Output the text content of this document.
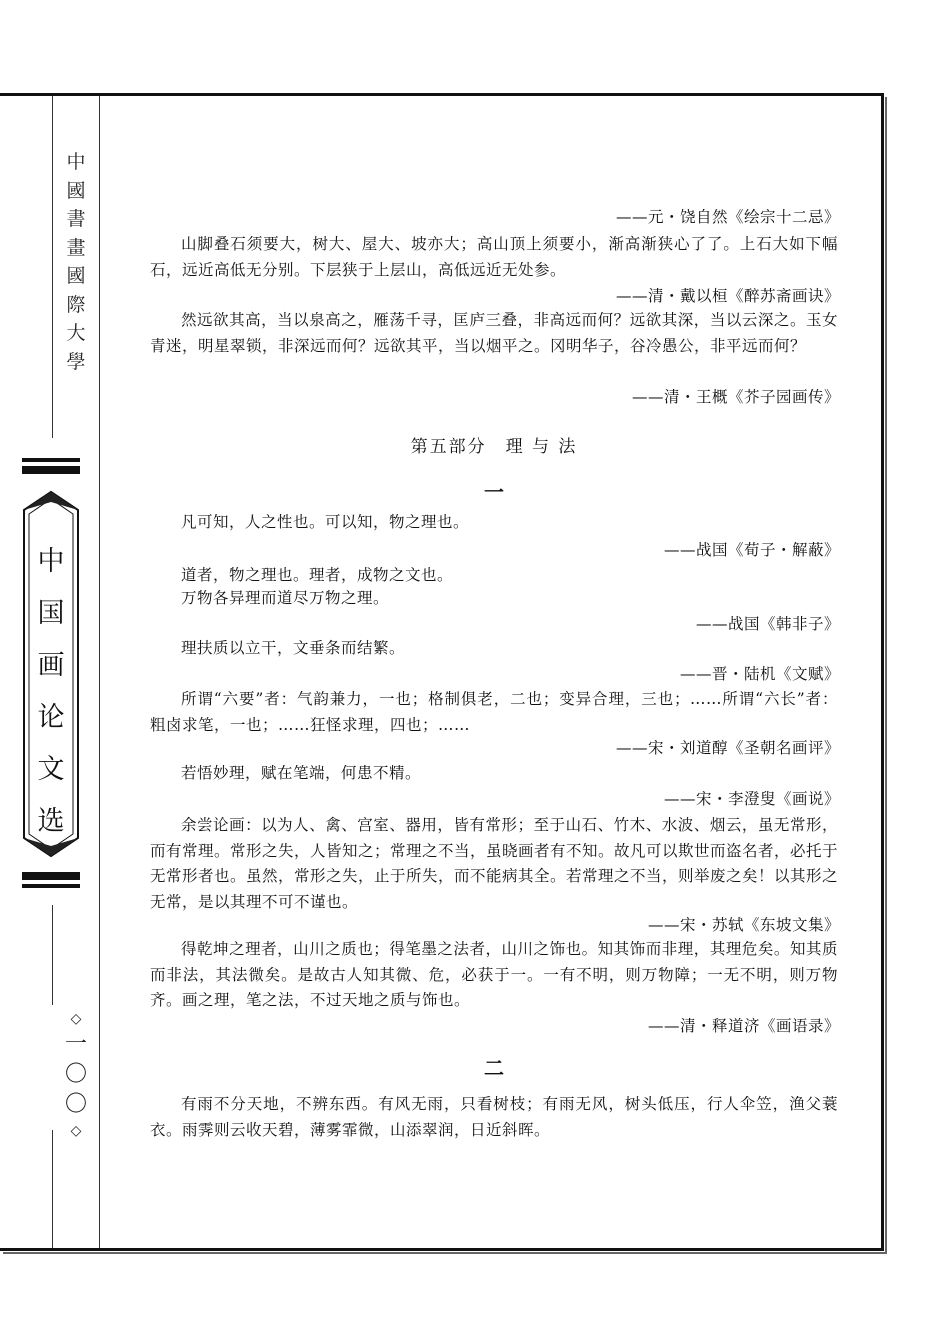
中
國
書
畫
國
際
大
學
中
国
画
论
文
选
◇
一
〇
〇
◇
——元・饶自然《绘宗十二忌》
山脚叠石须要大，树大、屋大、坡亦大；高山顶上须要小，渐高渐狭心了了。上石大如下幅石，远近高低无分别。下层狭于上层山，高低远近无处参。
——清・戴以桓《醉苏斋画诀》
然远欲其高，当以泉高之，雁荡千寻，匡庐三叠，非高远而何？远欲其深，当以云深之。玉女青迷，明星翠锁，非深远而何？远欲其平，当以烟平之。冈明华子，谷冷愚公，非平远而何？
——清・王概《芥子园画传》
第五部分　理 与 法
一
凡可知，人之性也。可以知，物之理也。
——战国《荀子・解蔽》
道者，物之理也。理者，成物之文也。
万物各异理而道尽万物之理。
——战国《韩非子》
理扶质以立干，文垂条而结繁。
——晋・陆机《文赋》
所谓“六要”者：气韵兼力，一也；格制俱老，二也；变异合理，三也；……所谓“六长”者：粗卤求笔，一也；……狂怪求理，四也；……
——宋・刘道醇《圣朝名画评》
若悟妙理，赋在笔端，何患不精。
——宋・李澄叟《画说》
余尝论画：以为人、禽、宫室、器用，皆有常形；至于山石、竹木、水波、烟云，虽无常形，而有常理。常形之失，人皆知之；常理之不当，虽晓画者有不知。故凡可以欺世而盗名者，必托于无常形者也。虽然，常形之失，止于所失，而不能病其全。若常理之不当，则举废之矣！以其形之无常，是以其理不可不谨也。
——宋・苏轼《东坡文集》
得乾坤之理者，山川之质也；得笔墨之法者，山川之饰也。知其饰而非理，其理危矣。知其质而非法，其法微矣。是故古人知其微、危，必获于一。一有不明，则万物障；一无不明，则万物齐。画之理，笔之法，不过天地之质与饰也。
——清・释道济《画语录》
二
有雨不分天地，不辨东西。有风无雨，只看树枝；有雨无风，树头低压，行人伞笠，渔父蓑衣。雨霁则云收天碧，薄雾霏微，山添翠润，日近斜晖。
